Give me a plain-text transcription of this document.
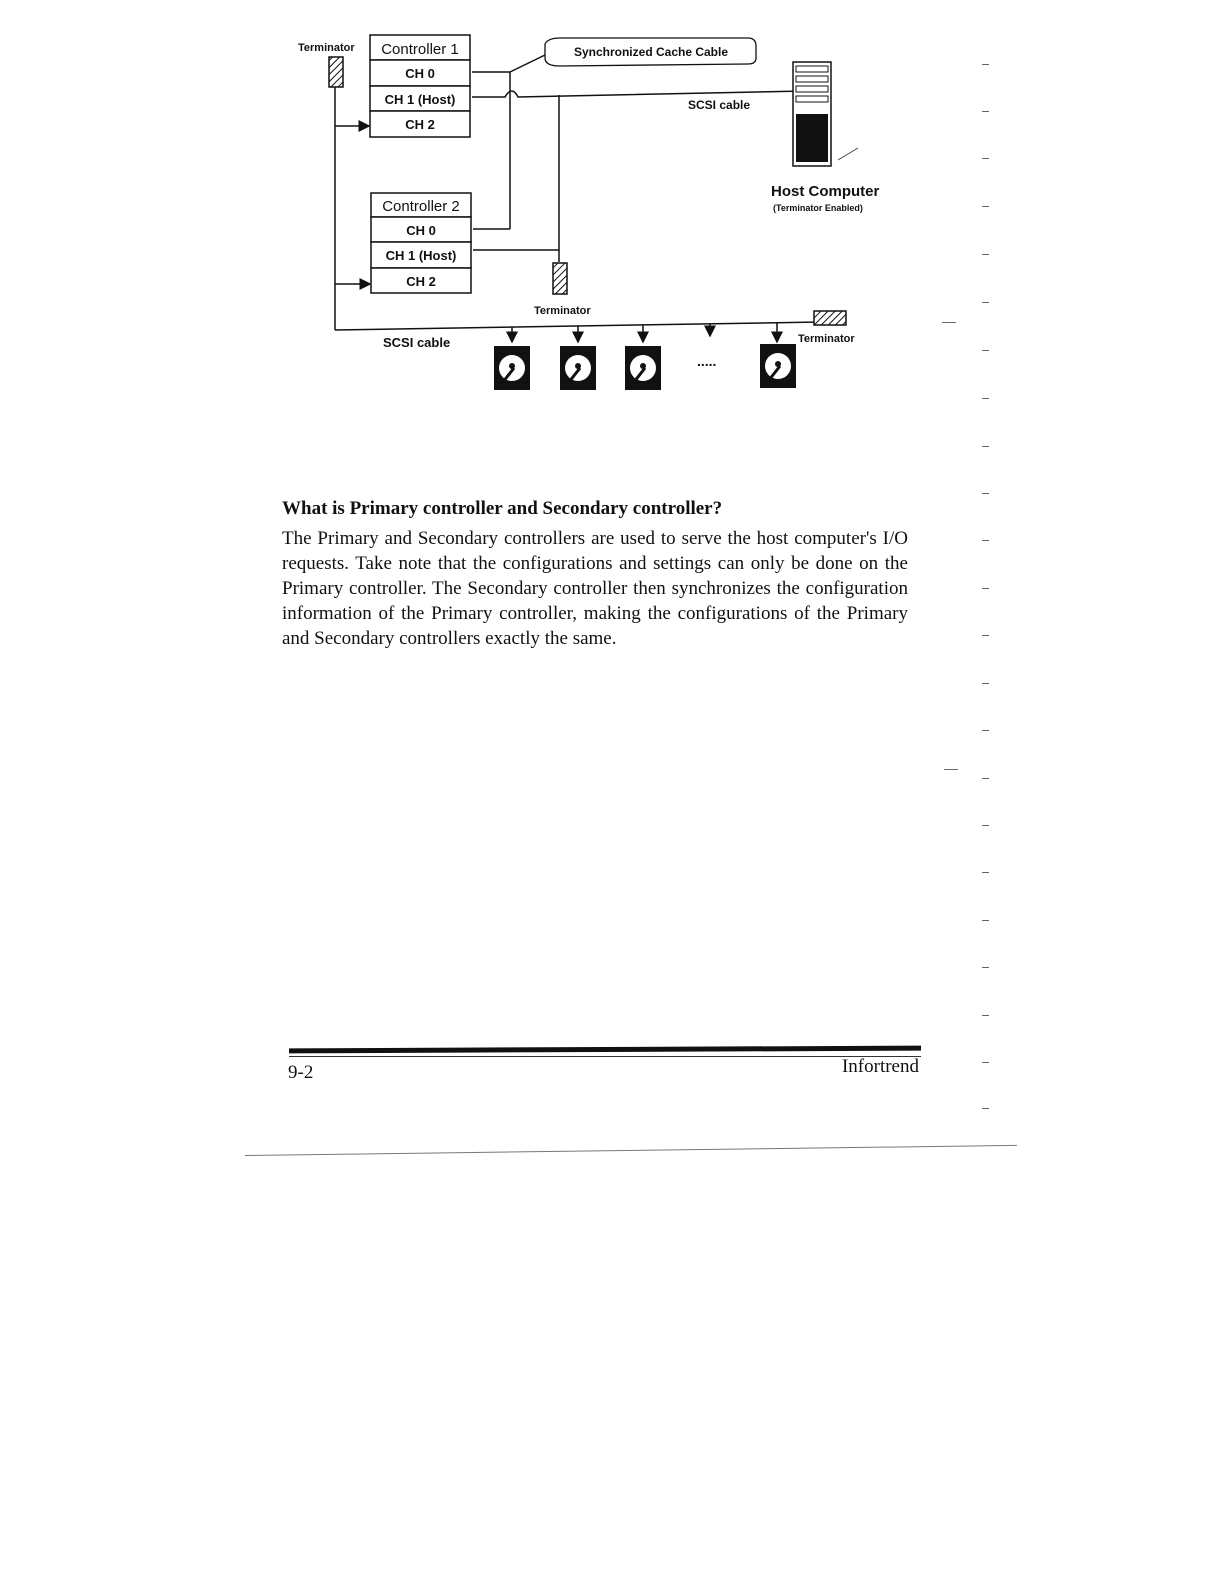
Terminator Controller 1
CH 0
CH 1 (Host)
CH 2
Controller 2
CH 0
CH 1 (Host)
CH 2
Synchronized Cache Cable
SCSI cable
Host Computer
(Terminator Enabled)
Terminator
Terminator
SCSI cable
.....
What is Primary controller and Secondary controller?

The Primary and Secondary controllers are used to serve the host computer's I/O requests. Take note that the configurations and settings can only be done on the Primary controller. The Secondary controller then synchronizes the configuration information of the Primary controller, making the configurations of the Primary and Secondary controllers exactly the same.

9-2	Infortrend
